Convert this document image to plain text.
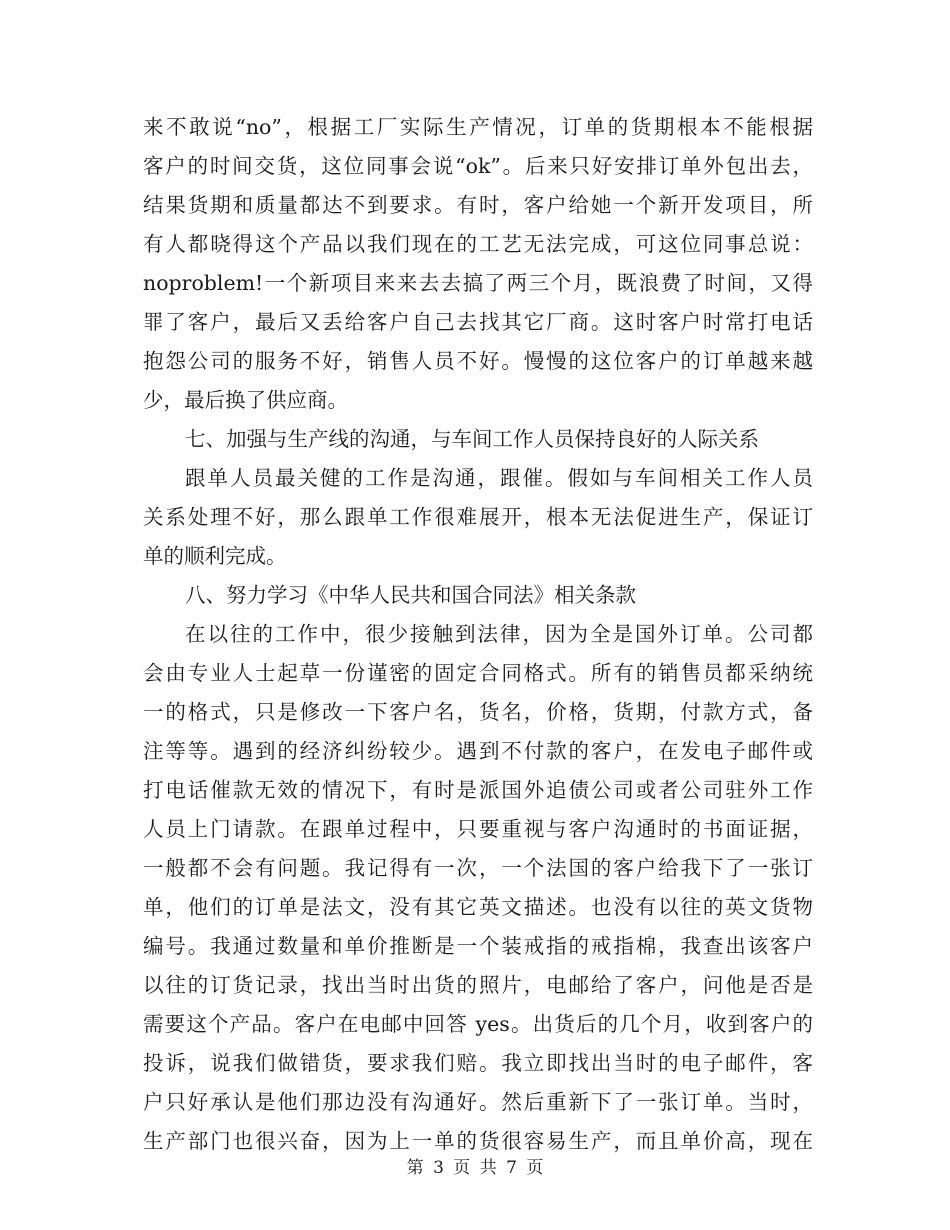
来不敢说“no”，根据工厂实际生产情况，订单的货期根本不能根据
客户的时间交货，这位同事会说“ok”。后来只好安排订单外包出去，
结果货期和质量都达不到要求。有时，客户给她一个新开发项目，所
有人都晓得这个产品以我们现在的工艺无法完成，可这位同事总说：
noproblem!一个新项目来来去去搞了两三个月，既浪费了时间，又得
罪了客户，最后又丢给客户自己去找其它厂商。这时客户时常打电话
抱怨公司的服务不好，销售人员不好。慢慢的这位客户的订单越来越
少，最后换了供应商。
七、加强与生产线的沟通，与车间工作人员保持良好的人际关系
跟单人员最关健的工作是沟通，跟催。假如与车间相关工作人员
关系处理不好，那么跟单工作很难展开，根本无法促进生产，保证订
单的顺利完成。
八、努力学习《中华人民共和国合同法》相关条款
在以往的工作中，很少接触到法律，因为全是国外订单。公司都
会由专业人士起草一份谨密的固定合同格式。所有的销售员都采纳统
一的格式，只是修改一下客户名，货名，价格，货期，付款方式，备
注等等。遇到的经济纠纷较少。遇到不付款的客户，在发电子邮件或
打电话催款无效的情况下，有时是派国外追债公司或者公司驻外工作
人员上门请款。在跟单过程中，只要重视与客户沟通时的书面证据，
一般都不会有问题。我记得有一次，一个法国的客户给我下了一张订
单，他们的订单是法文，没有其它英文描述。也没有以往的英文货物
编号。我通过数量和单价推断是一个装戒指的戒指棉，我查出该客户
以往的订货记录，找出当时出货的照片，电邮给了客户，问他是否是
需要这个产品。客户在电邮中回答 yes。出货后的几个月，收到客户的
投诉，说我们做错货，要求我们赔。我立即找出当时的电子邮件，客
户只好承认是他们那边没有沟通好。然后重新下了一张订单。当时，
生产部门也很兴奋，因为上一单的货很容易生产，而且单价高，现在
第 3 页 共 7 页
